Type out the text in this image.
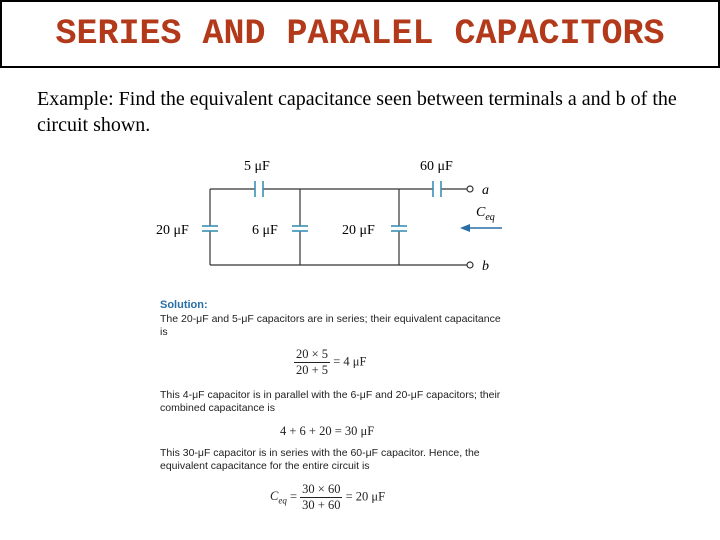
SERIES AND PARALEL CAPACITORS
Example: Find the equivalent capacitance seen between terminals a and b of the circuit shown.
5 μF	60 μF
20 μF	6 μF	20 μF
a
b
$C_{eq}$
Solution:
The 20-μF and 5-μF capacitors are in series; their equivalent capacitance is
$\frac{20 \times 5}{20 + 5} = 4$ μF
This 4-μF capacitor is in parallel with the 6-μF and 20-μF capacitors; their combined capacitance is
4 + 6 + 20 = 30 μF
This 30-μF capacitor is in series with the 60-μF capacitor. Hence, the equivalent capacitance for the entire circuit is
$C_{eq} = \frac{30 \times 60}{30 + 60} = 20$ μF
